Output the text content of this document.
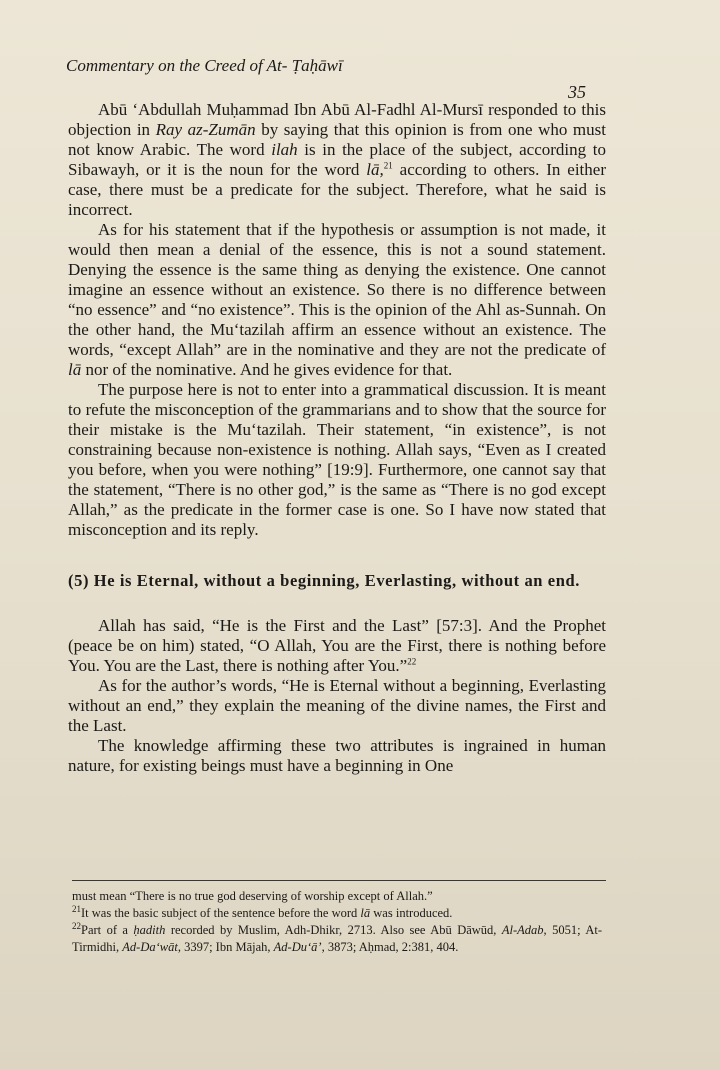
Commentary on the Creed of At- Ṭaḥāwī
35

Abū ‘Abdullah Muḥammad Ibn Abū Al-Fadhl Al-Mursī responded to this objection in Ray az-Zumān by saying that this opinion is from one who must not know Arabic. The word ilah is in the place of the subject, according to Sibawayh, or it is the noun for the word lā,$^{21}$ according to others. In either case, there must be a predicate for the subject. Therefore, what he said is incorrect.

As for his statement that if the hypothesis or assumption is not made, it would then mean a denial of the essence, this is not a sound statement. Denying the essence is the same thing as denying the existence. One cannot imagine an essence without an existence. So there is no difference between “no essence” and “no existence”. This is the opinion of the Ahl as-Sunnah. On the other hand, the Mu‘tazilah affirm an essence without an existence. The words, “except Allah” are in the nominative and they are not the predicate of lā nor of the nominative. And he gives evidence for that.

The purpose here is not to enter into a grammatical discussion. It is meant to refute the misconception of the grammarians and to show that the source for their mistake is the Mu‘tazilah. Their statement, “in existence”, is not constraining because non-existence is nothing. Allah says, “Even as I created you before, when you were nothing” [19:9]. Furthermore, one cannot say that the statement, “There is no other god,” is the same as “There is no god except Allah,” as the predicate in the former case is one. So I have now stated that misconception and its reply.

(5) He is Eternal, without a beginning, Everlasting, without an end.

Allah has said, “He is the First and the Last” [57:3]. And the Prophet (peace be on him) stated, “O Allah, You are the First, there is nothing before You. You are the Last, there is nothing after You.”$^{22}$

As for the author’s words, “He is Eternal without a beginning, Everlasting without an end,” they explain the meaning of the divine names, the First and the Last.

The knowledge affirming these two attributes is ingrained in human nature, for existing beings must have a beginning in One

must mean “There is no true god deserving of worship except of Allah.”

$^{21}$It was the basic subject of the sentence before the word lā was introduced.

$^{22}$Part of a ḥadith recorded by Muslim, Adh-Dhikr, 2713. Also see Abū Dāwūd, Al-Adab, 5051; At-Tirmidhi, Ad-Da‘wāt, 3397; Ibn Mājah, Ad-Du‘ā’, 3873; Aḥmad, 2:381, 404.
